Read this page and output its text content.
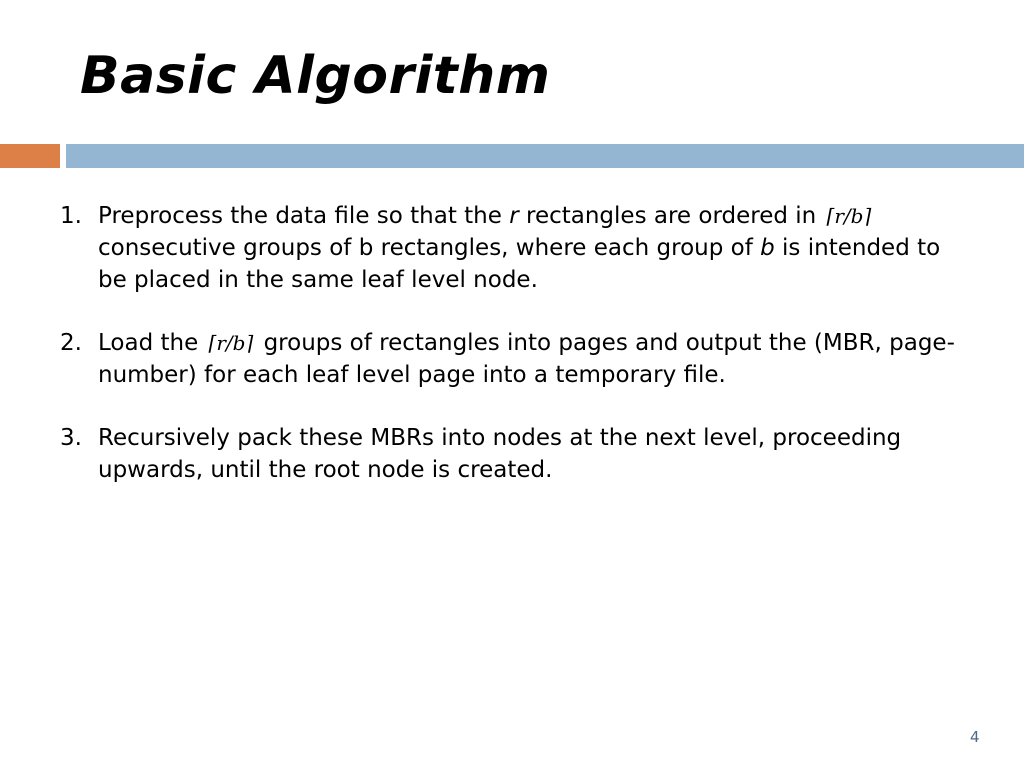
Basic Algorithm
1. Preprocess the data file so that the r rectangles are ordered in ⌈r/b⌉ consecutive groups of b rectangles, where each group of b is intended to be placed in the same leaf level node.
2. Load the ⌈r/b⌉ groups of rectangles into pages and output the (MBR, page-number) for each leaf level page into a temporary file.
3. Recursively pack these MBRs into nodes at the next level, proceeding upwards, until the root node is created.
4
